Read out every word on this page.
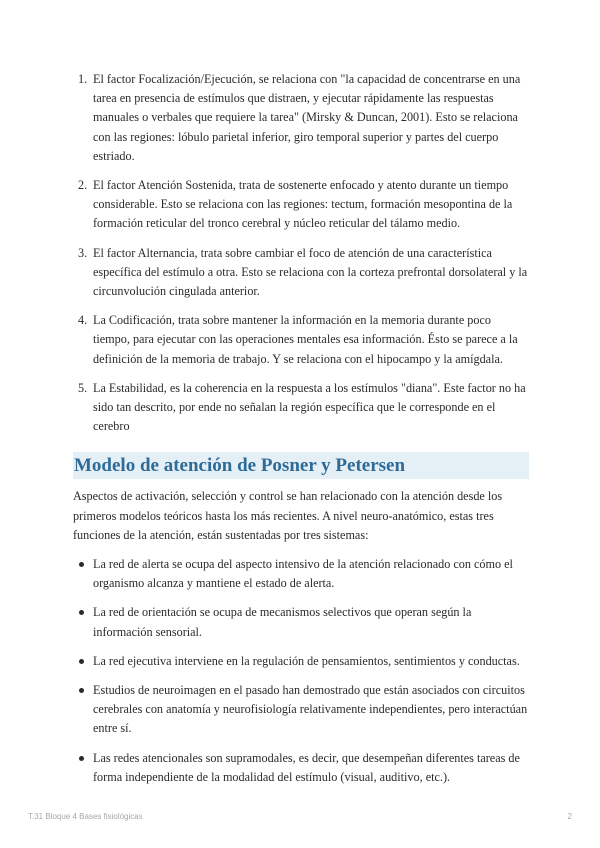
1. El factor Focalización/Ejecución, se relaciona con "la capacidad de concentrarse en una tarea en presencia de estímulos que distraen, y ejecutar rápidamente las respuestas manuales o verbales que requiere la tarea" (Mirsky & Duncan, 2001). Esto se relaciona con las regiones: lóbulo parietal inferior, giro temporal superior y partes del cuerpo estriado.
2. El factor Atención Sostenida, trata de sostenerte enfocado y atento durante un tiempo considerable. Esto se relaciona con las regiones: tectum, formación mesopontina de la formación reticular del tronco cerebral y núcleo reticular del tálamo medio.
3. El factor Alternancia, trata sobre cambiar el foco de atención de una característica específica del estímulo a otra. Esto se relaciona con la corteza prefrontal dorsolateral y la circunvolución cingulada anterior.
4. La Codificación, trata sobre mantener la información en la memoria durante poco tiempo, para ejecutar con las operaciones mentales esa información. Ésto se parece a la definición de la memoria de trabajo. Y se relaciona con el hipocampo y la amígdala.
5. La Estabilidad, es la coherencia en la respuesta a los estímulos "diana". Este factor no ha sido tan descrito, por ende no señalan la región específica que le corresponde en el cerebro
Modelo de atención de Posner y Petersen

Aspectos de activación, selección y control se han relacionado con la atención desde los primeros modelos teóricos hasta los más recientes. A nivel neuro-anatómico, estas tres funciones de la atención, están sustentadas por tres sistemas:

La red de alerta se ocupa del aspecto intensivo de la atención relacionado con cómo el organismo alcanza y mantiene el estado de alerta.
La red de orientación se ocupa de mecanismos selectivos que operan según la información sensorial.
La red ejecutiva interviene en la regulación de pensamientos, sentimientos y conductas.
Estudios de neuroimagen en el pasado han demostrado que están asociados con circuitos cerebrales con anatomía y neurofisiología relativamente independientes, pero interactúan entre sí.
Las redes atencionales son supramodales, es decir, que desempeñan diferentes tareas de forma independiente de la modalidad del estímulo (visual, auditivo, etc.).
T.31 Bloque 4 Bases fisiológicas	2
